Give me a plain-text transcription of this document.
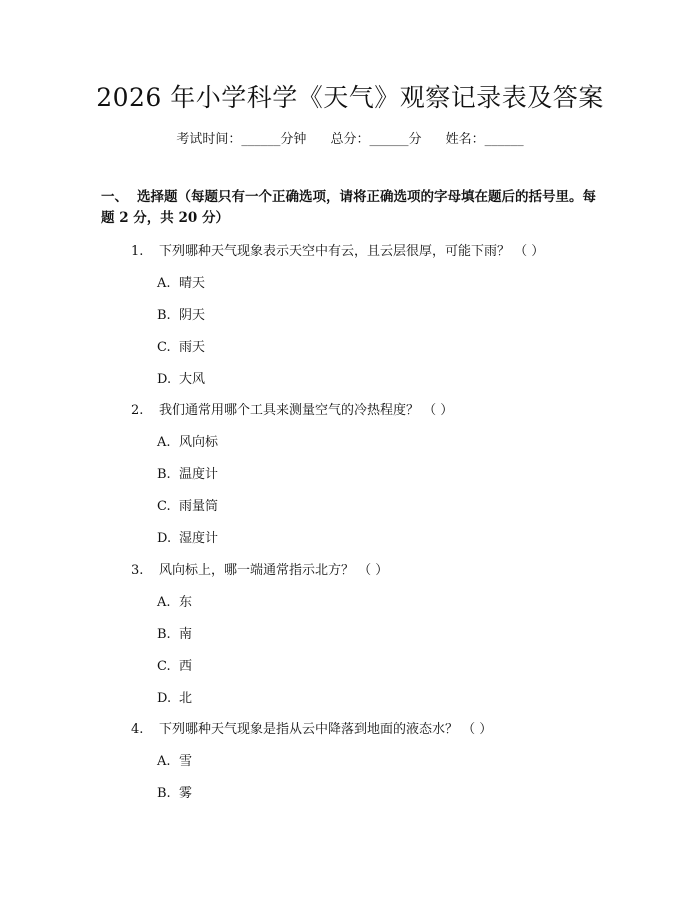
2026 年小学科学《天气》观察记录表及答案
考试时间：______分钟 总分：______分 姓名：______
一、 选择题（每题只有一个正确选项，请将正确选项的字母填在题后的括号里。每题 2 分，共 20 分）
1. 下列哪种天气现象表示天空中有云，且云层很厚，可能下雨？ （ ）
A. 晴天
B. 阴天
C. 雨天
D. 大风
2. 我们通常用哪个工具来测量空气的冷热程度？ （ ）
A. 风向标
B. 温度计
C. 雨量筒
D. 湿度计
3. 风向标上，哪一端通常指示北方？ （ ）
A. 东
B. 南
C. 西
D. 北
4. 下列哪种天气现象是指从云中降落到地面的液态水？ （ ）
A. 雪
B. 雾
